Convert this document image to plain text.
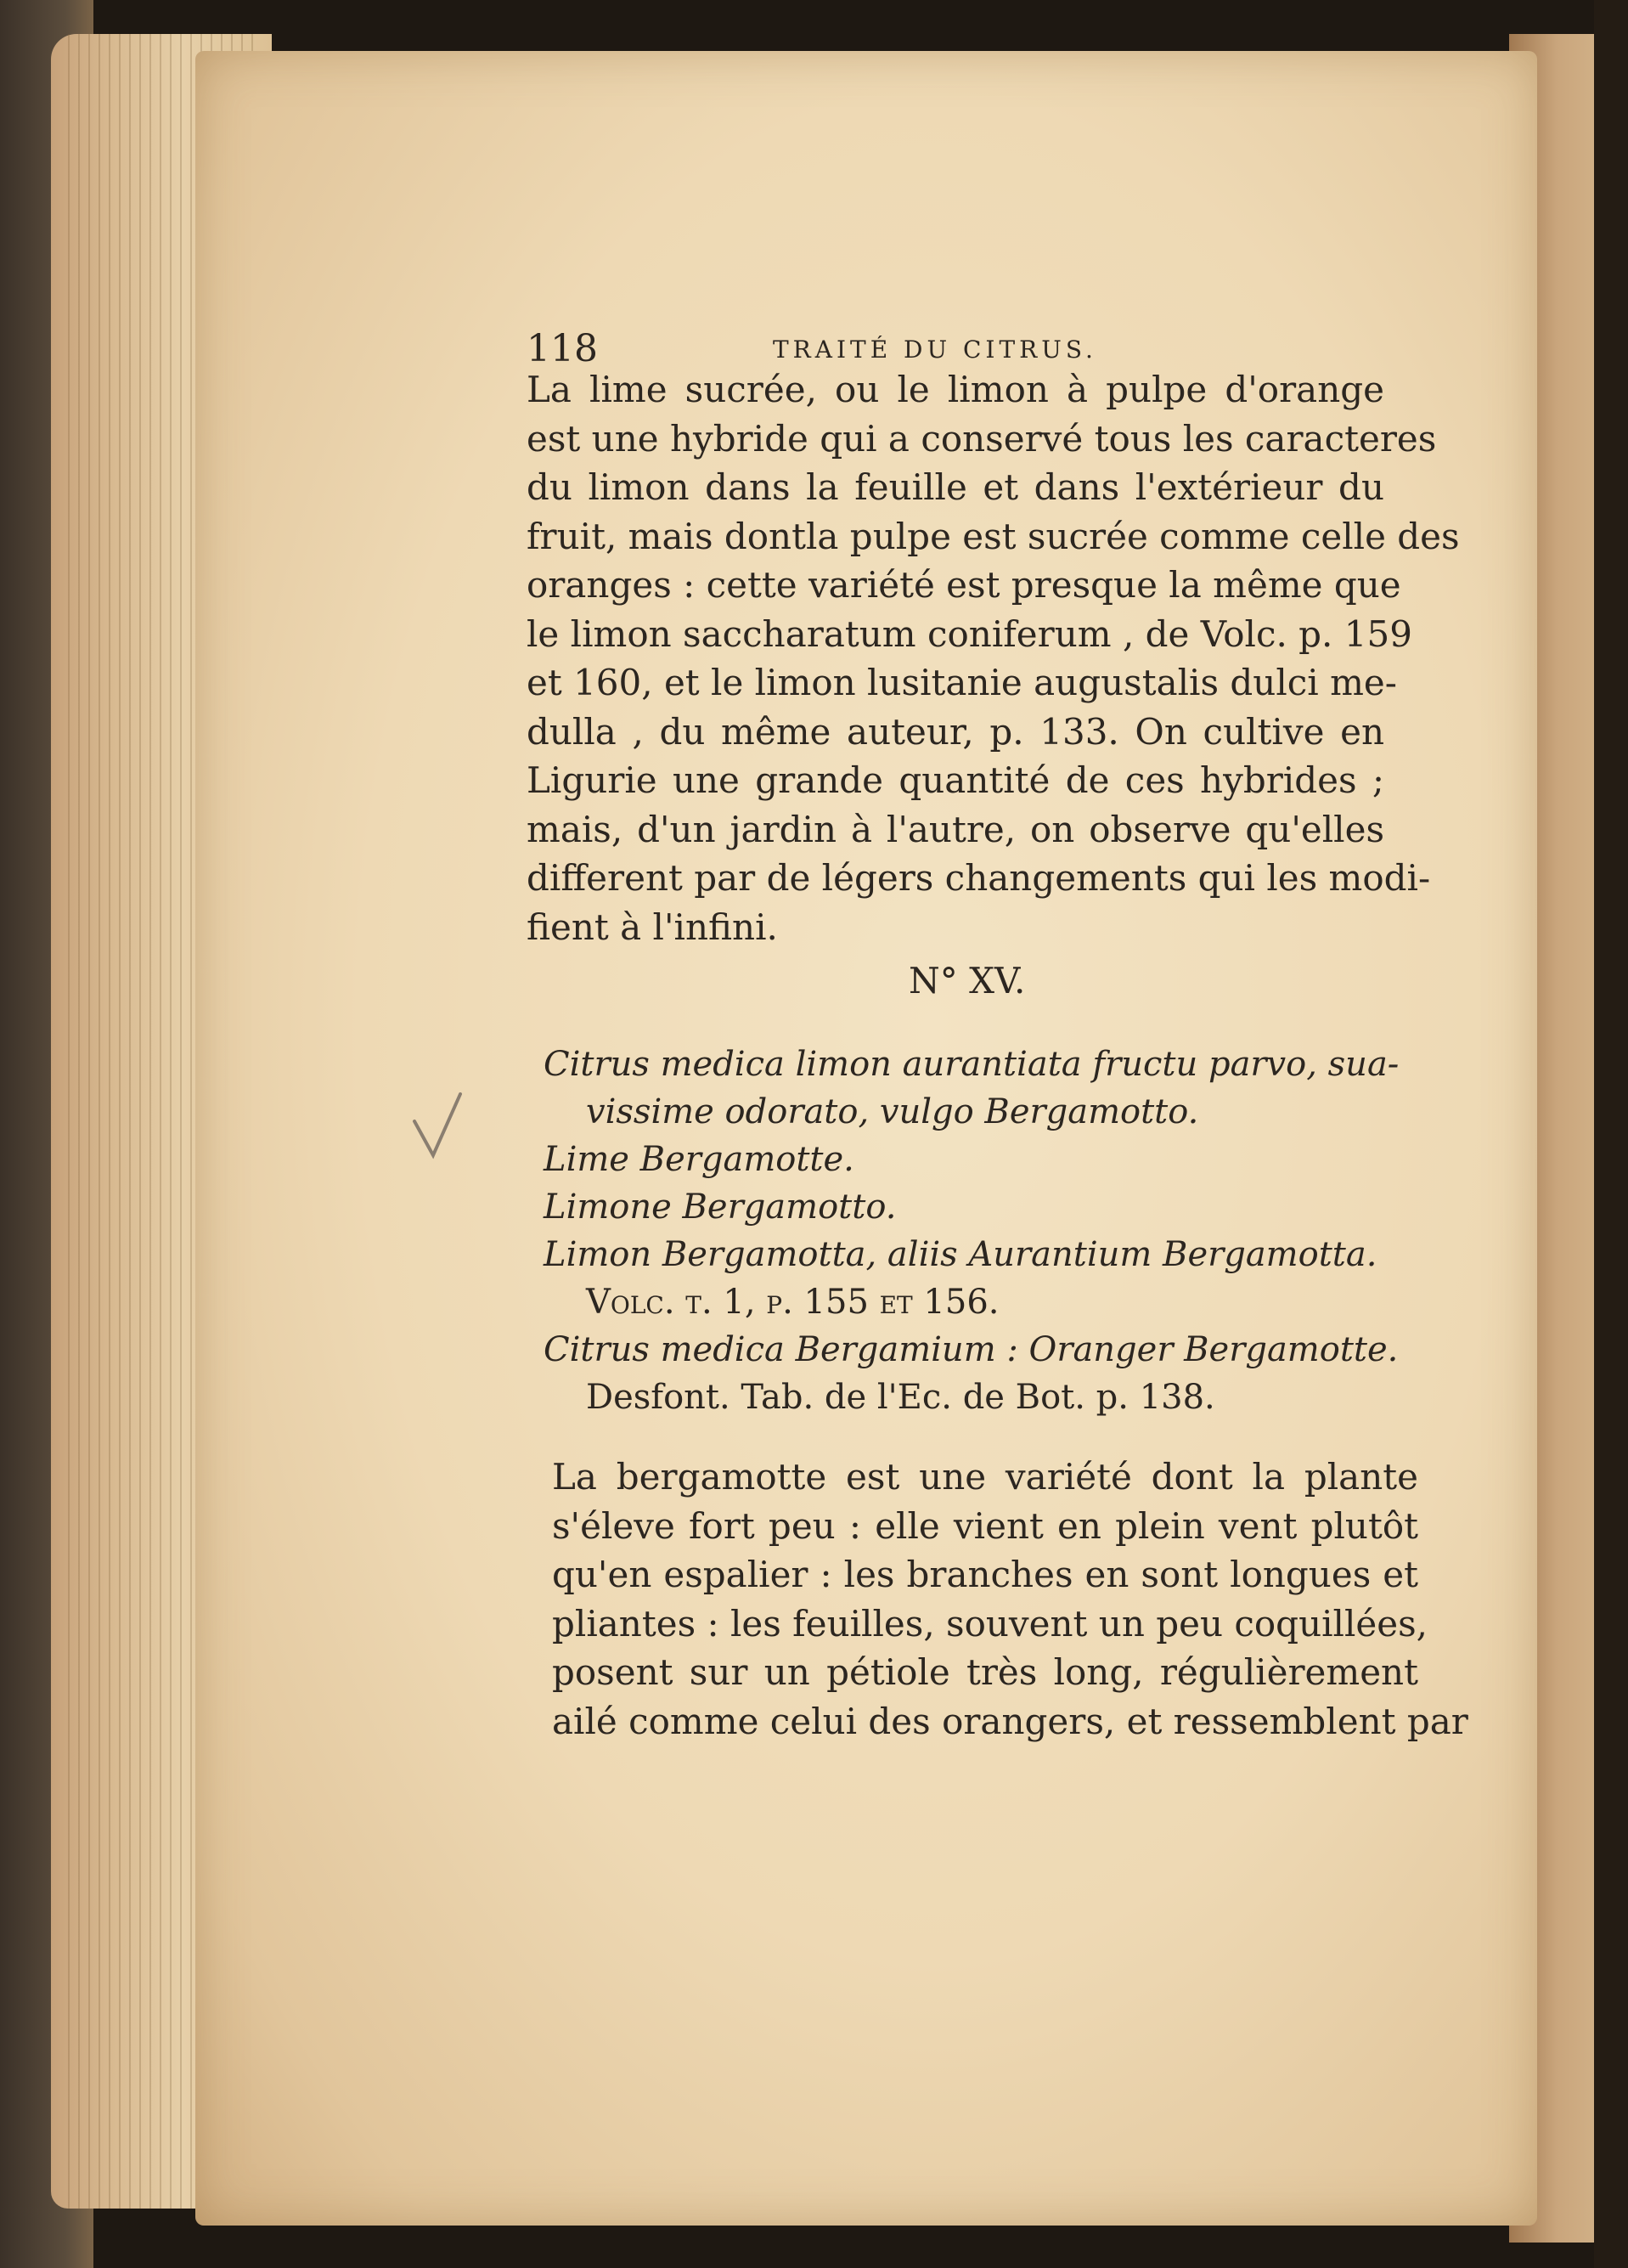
118	TRAITÉ DU CITRUS.
La lime sucrée, ou le limon à pulpe d'orange
est une hybride qui a conservé tous les caracteres
du limon dans la feuille et dans l'extérieur du
fruit, mais dontla pulpe est sucrée comme celle des
oranges : cette variété est presque la même que
le limon saccharatum coniferum , de Volc. p. 159
et 160, et le limon lusitanie augustalis dulci me-
dulla , du même auteur, p. 133. On cultive en
Ligurie une grande quantité de ces hybrides ;
mais, d'un jardin à l'autre, on observe qu'elles
different par de légers changements qui les modi-
fient à l'infini.
N° XV.
Citrus medica limon aurantiata fructu parvo, sua-
vissime odorato, vulgo Bergamotto.
Lime Bergamotte.
Limone Bergamotto.
Limon Bergamotta, aliis Aurantium Bergamotta.
Volc. t. 1, p. 155 et 156.
Citrus medica Bergamium : Oranger Bergamotte.
Desfont. Tab. de l'Ec. de Bot. p. 138.
La bergamotte est une variété dont la plante
s'éleve fort peu : elle vient en plein vent plutôt
qu'en espalier : les branches en sont longues et
pliantes : les feuilles, souvent un peu coquillées,
posent sur un pétiole très long, régulièrement
ailé comme celui des orangers, et ressemblent par
